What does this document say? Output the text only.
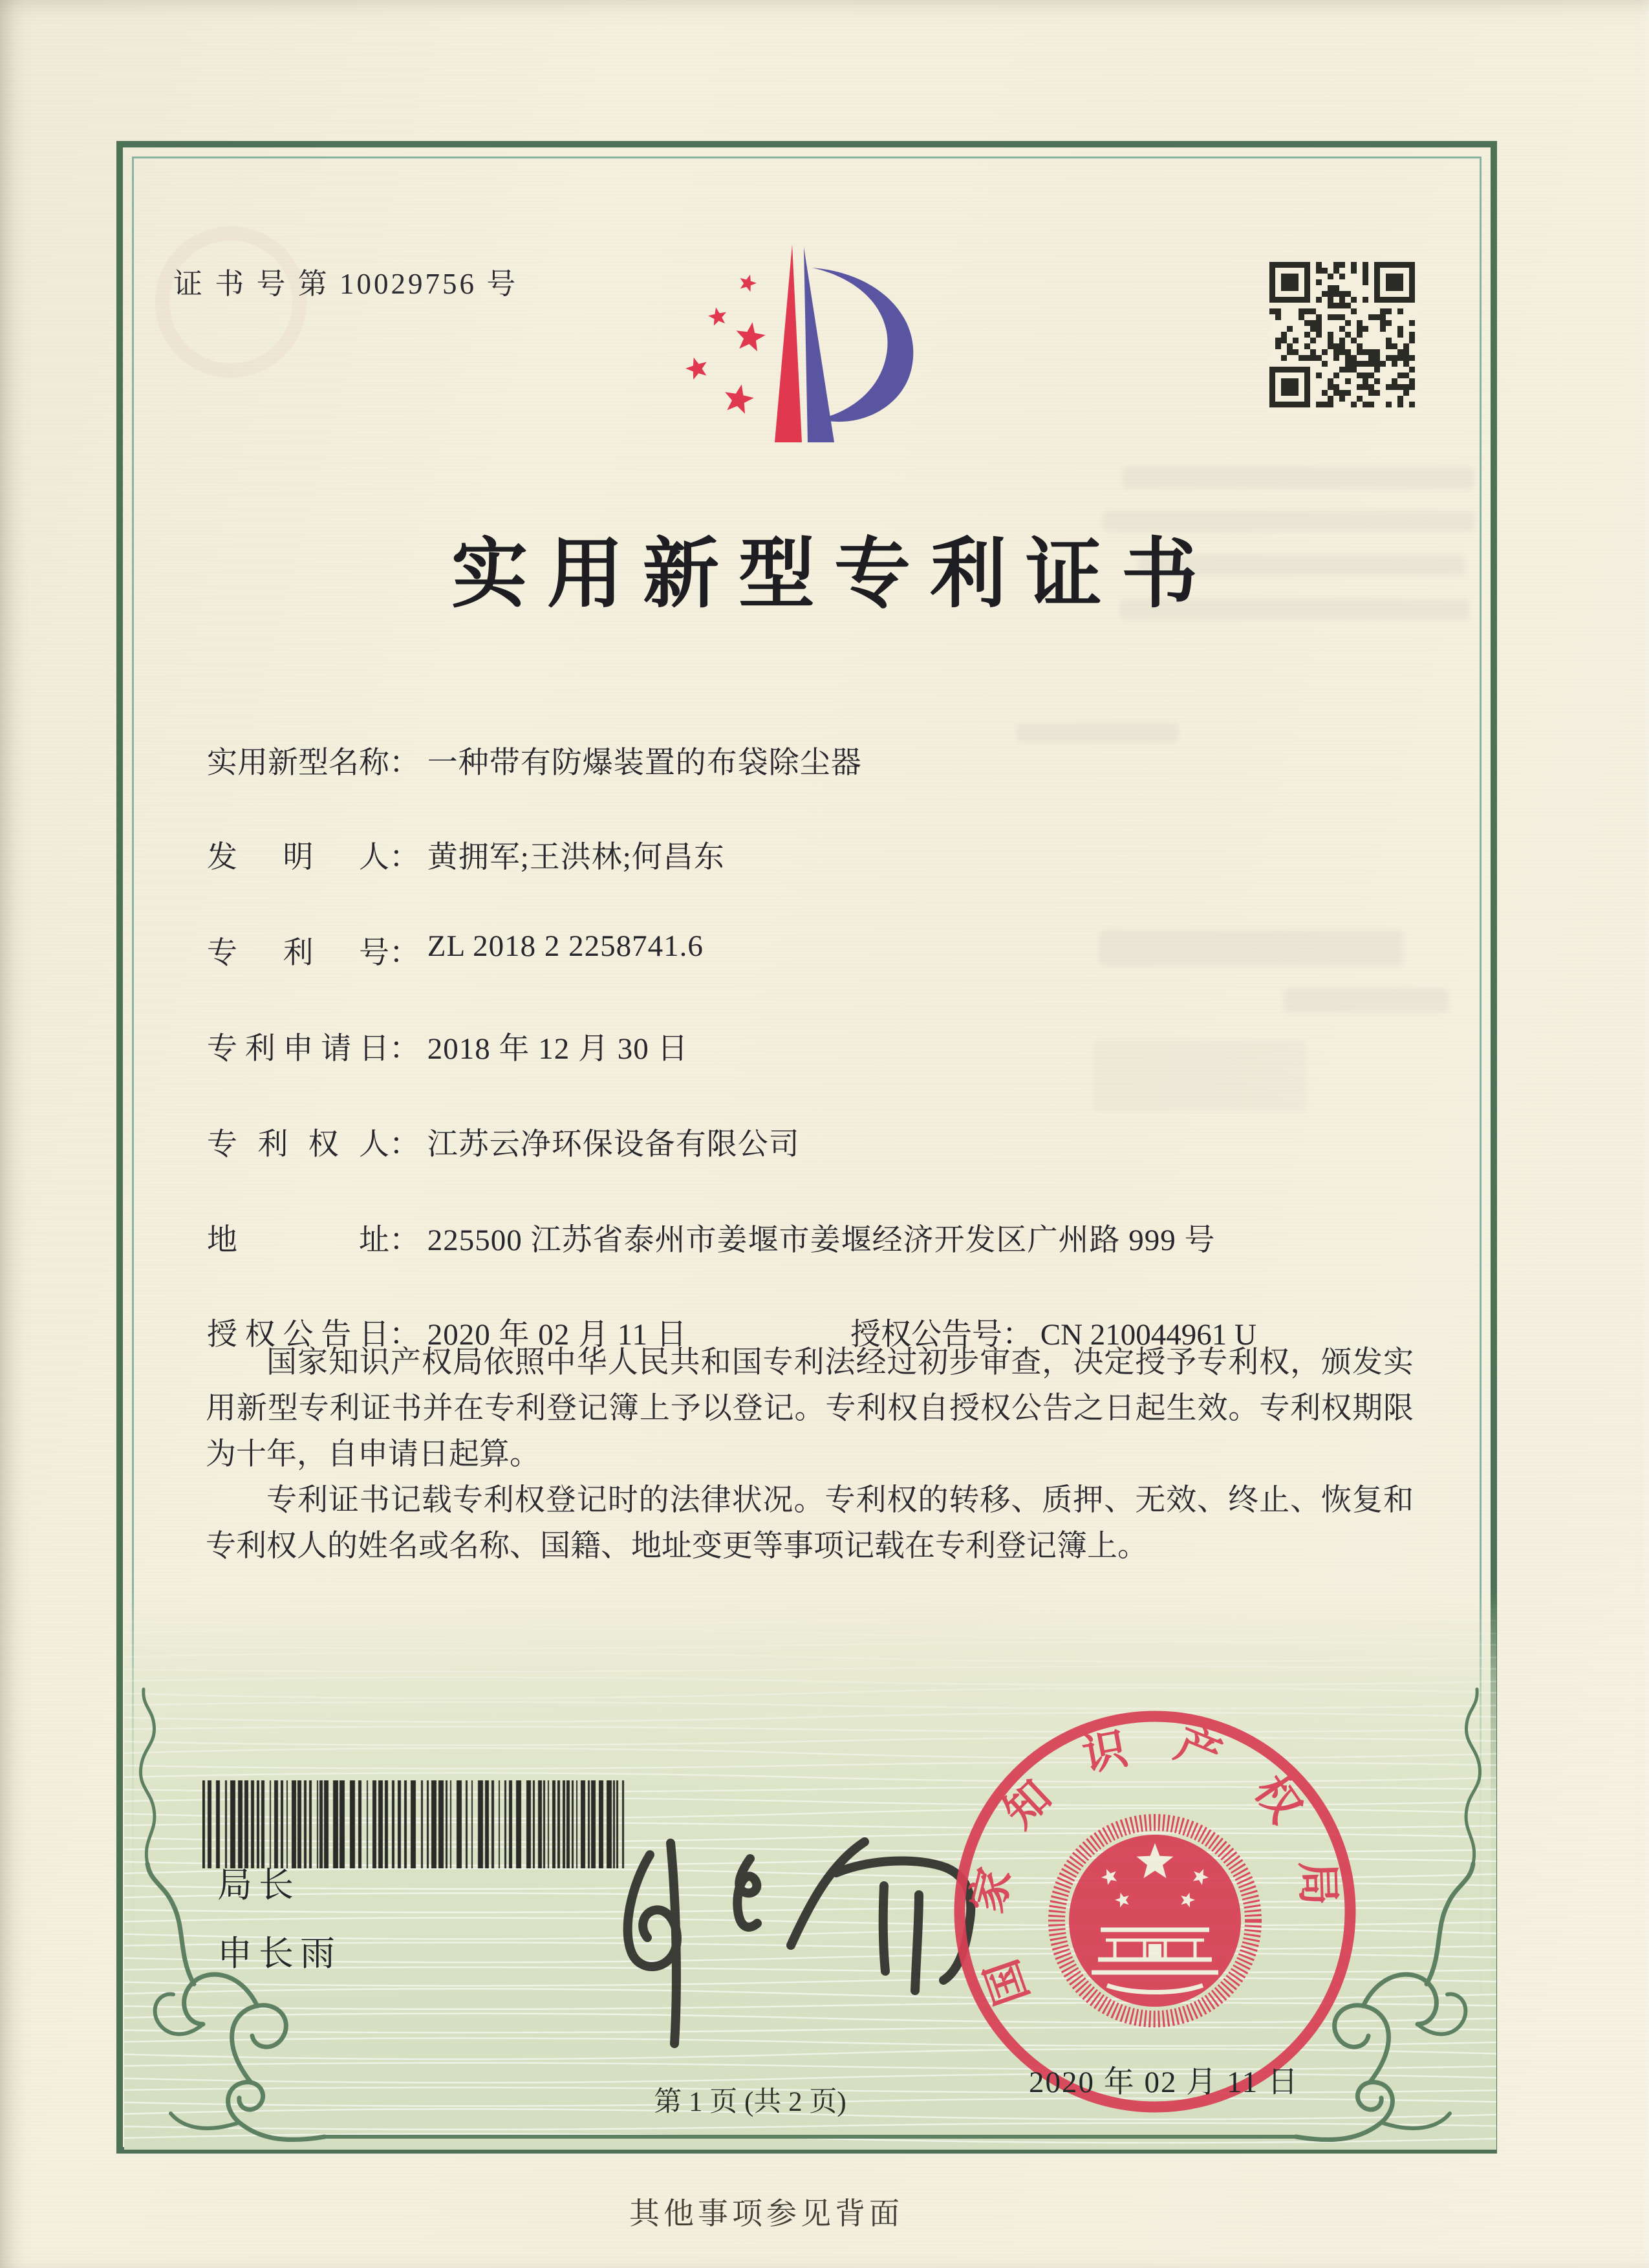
证 书 号 第 10029756 号
实用新型专利证书
实用新型名称： 一种带有防爆装置的布袋除尘器
发明人： 黄拥军;王洪林;何昌东
专利号： ZL 2018 2 2258741.6
专利申请日： 2018 年 12 月 30 日
专利权人： 江苏云净环保设备有限公司
地址： 225500 江苏省泰州市姜堰市姜堰经济开发区广州路 999 号
授权公告日： 2020 年 02 月 11 日	授权公告号： CN 210044961 U

国家知识产权局依照中华人民共和国专利法经过初步审查，决定授予专利权，颁发实用新型专利证书并在专利登记簿上予以登记。专利权自授权公告之日起生效。专利权期限为十年，自申请日起算。

专利证书记载专利权登记时的法律状况。专利权的转移、质押、无效、终止、恢复和专利权人的姓名或名称、国籍、地址变更等事项记载在专利登记簿上。

局长
申长雨	国家知识产权局
2020 年 02 月 11 日
第 1 页 (共 2 页)
其他事项参见背面
